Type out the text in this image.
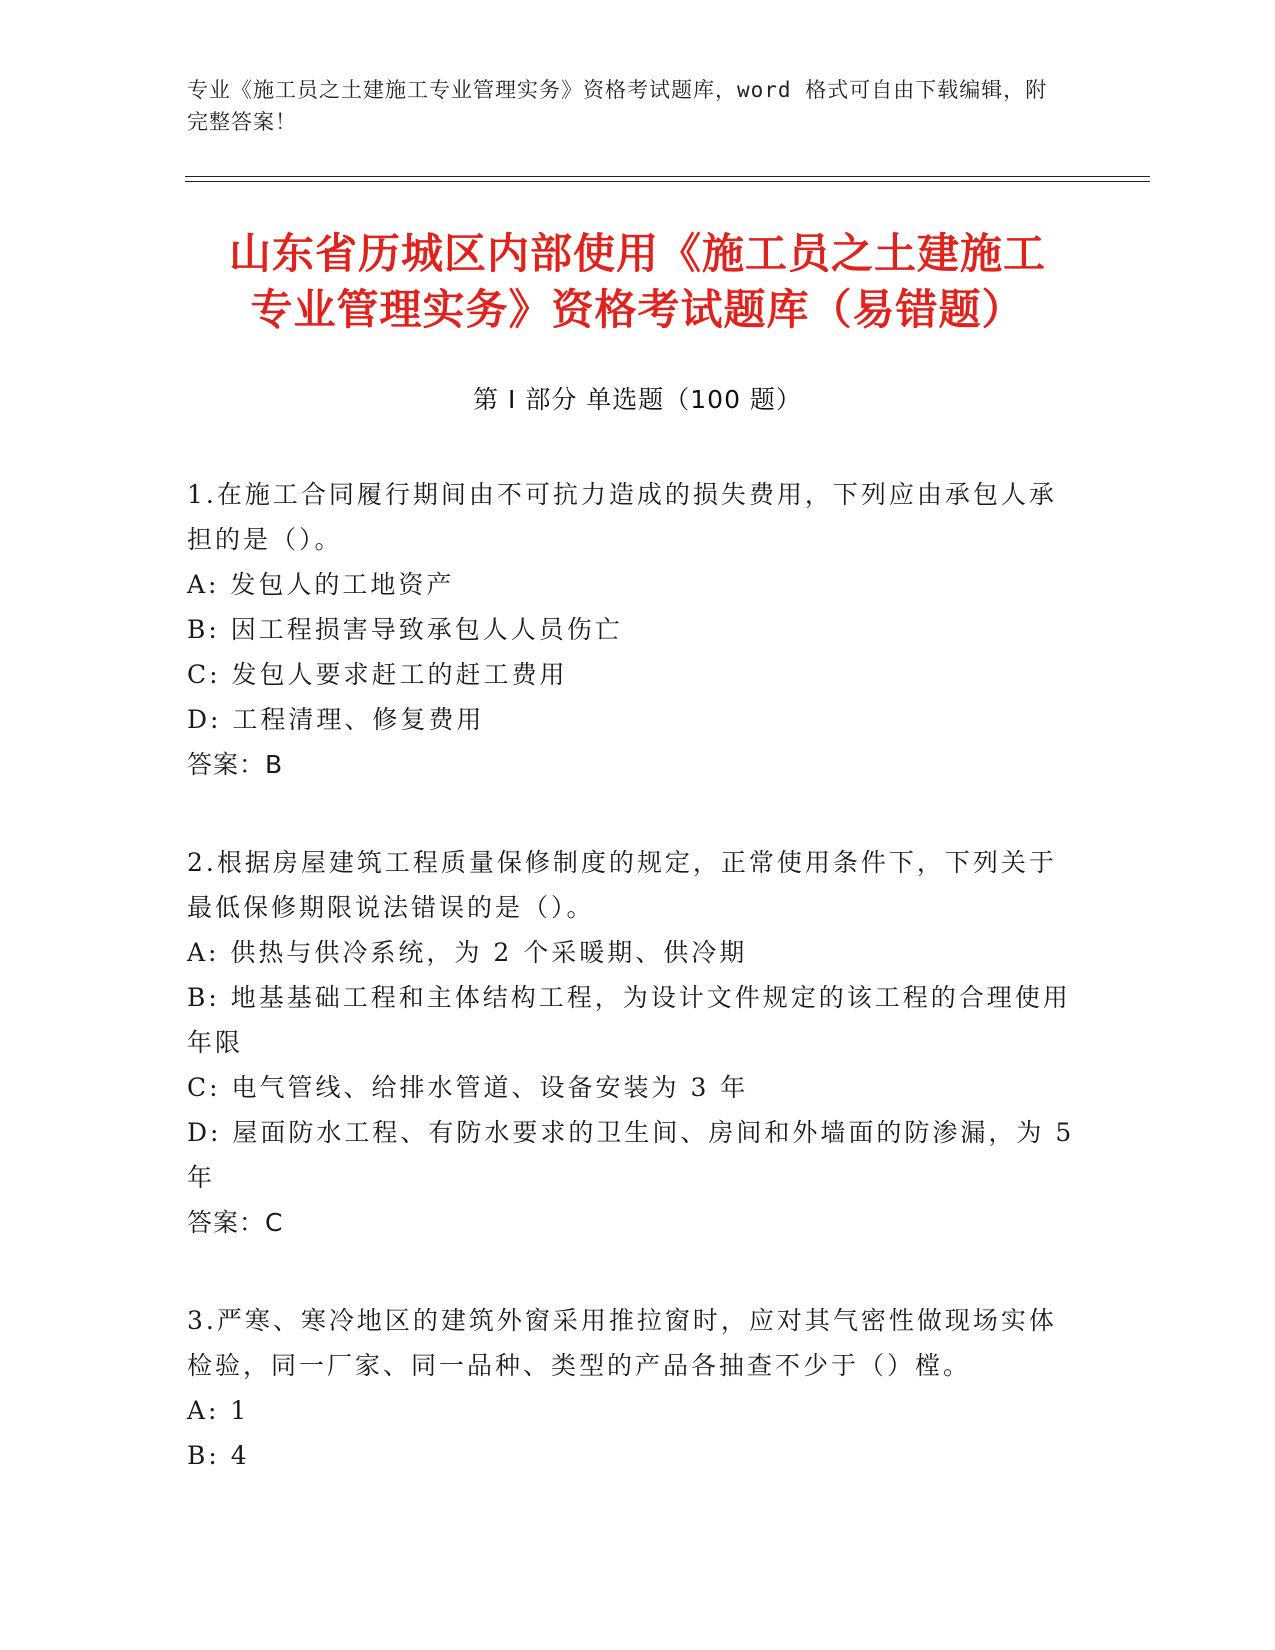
专业《施工员之土建施工专业管理实务》资格考试题库，word 格式可自由下载编辑，附完整答案！
山东省历城区内部使用《施工员之土建施工
专业管理实务》资格考试题库（易错题）
第 I 部分 单选题（100 题）

1.在施工合同履行期间由不可抗力造成的损失费用，下列应由承包人承担的是（）。

A: 发包人的工地资产

B: 因工程损害导致承包人人员伤亡

C: 发包人要求赶工的赶工费用

D: 工程清理、修复费用

答案：B

2.根据房屋建筑工程质量保修制度的规定，正常使用条件下，下列关于最低保修期限说法错误的是（）。

A: 供热与供冷系统，为 2 个采暖期、供冷期

B: 地基基础工程和主体结构工程，为设计文件规定的该工程的合理使用年限

C: 电气管线、给排水管道、设备安装为 3 年

D: 屋面防水工程、有防水要求的卫生间、房间和外墙面的防渗漏，为 5 年

答案：C

3.严寒、寒冷地区的建筑外窗采用推拉窗时，应对其气密性做现场实体检验，同一厂家、同一品种、类型的产品各抽查不少于（）樘。

A: 1

B: 4
